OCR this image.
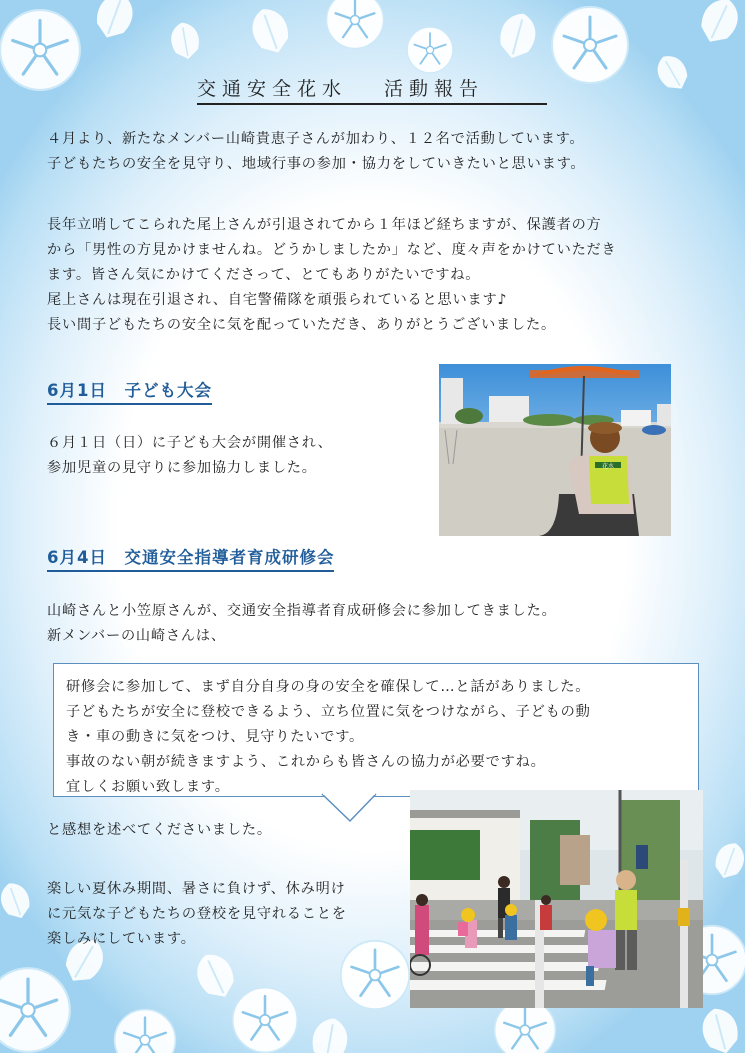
交通安全花水　 活動報告

４月より、新たなメンバー山崎貴恵子さんが加わり、１２名で活動しています。

子どもたちの安全を見守り、地域行事の参加・協力をしていきたいと思います。

長年立哨してこられた尾上さんが引退されてから１年ほど経ちますが、保護者の方

から「男性の方見かけませんね。どうかしましたか」など、度々声をかけていただき

ます。皆さん気にかけてくださって、とてもありがたいですね。

尾上さんは現在引退され、自宅警備隊を頑張られていると思います♪

長い間子どもたちの安全に気を配っていただき、ありがとうございました。

6月1日　子ども大会

６月１日（日）に子ども大会が開催され、

参加児童の見守りに参加協力しました。	花水
6月4日　交通安全指導者育成研修会

山崎さんと小笠原さんが、交通安全指導者育成研修会に参加してきました。

新メンバーの山崎さんは、

研修会に参加して、まず自分自身の身の安全を確保して…と話がありました。

子どもたちが安全に登校できるよう、立ち位置に気をつけながら、子どもの動

き・車の動きに気をつけ、見守りたいです。

事故のない朝が続きますよう、これからも皆さんの協力が必要ですね。

宜しくお願い致します。

と感想を述べてくださいました。

楽しい夏休み期間、暑さに負けず、休み明け

に元気な子どもたちの登校を見守れることを

楽しみにしています。
